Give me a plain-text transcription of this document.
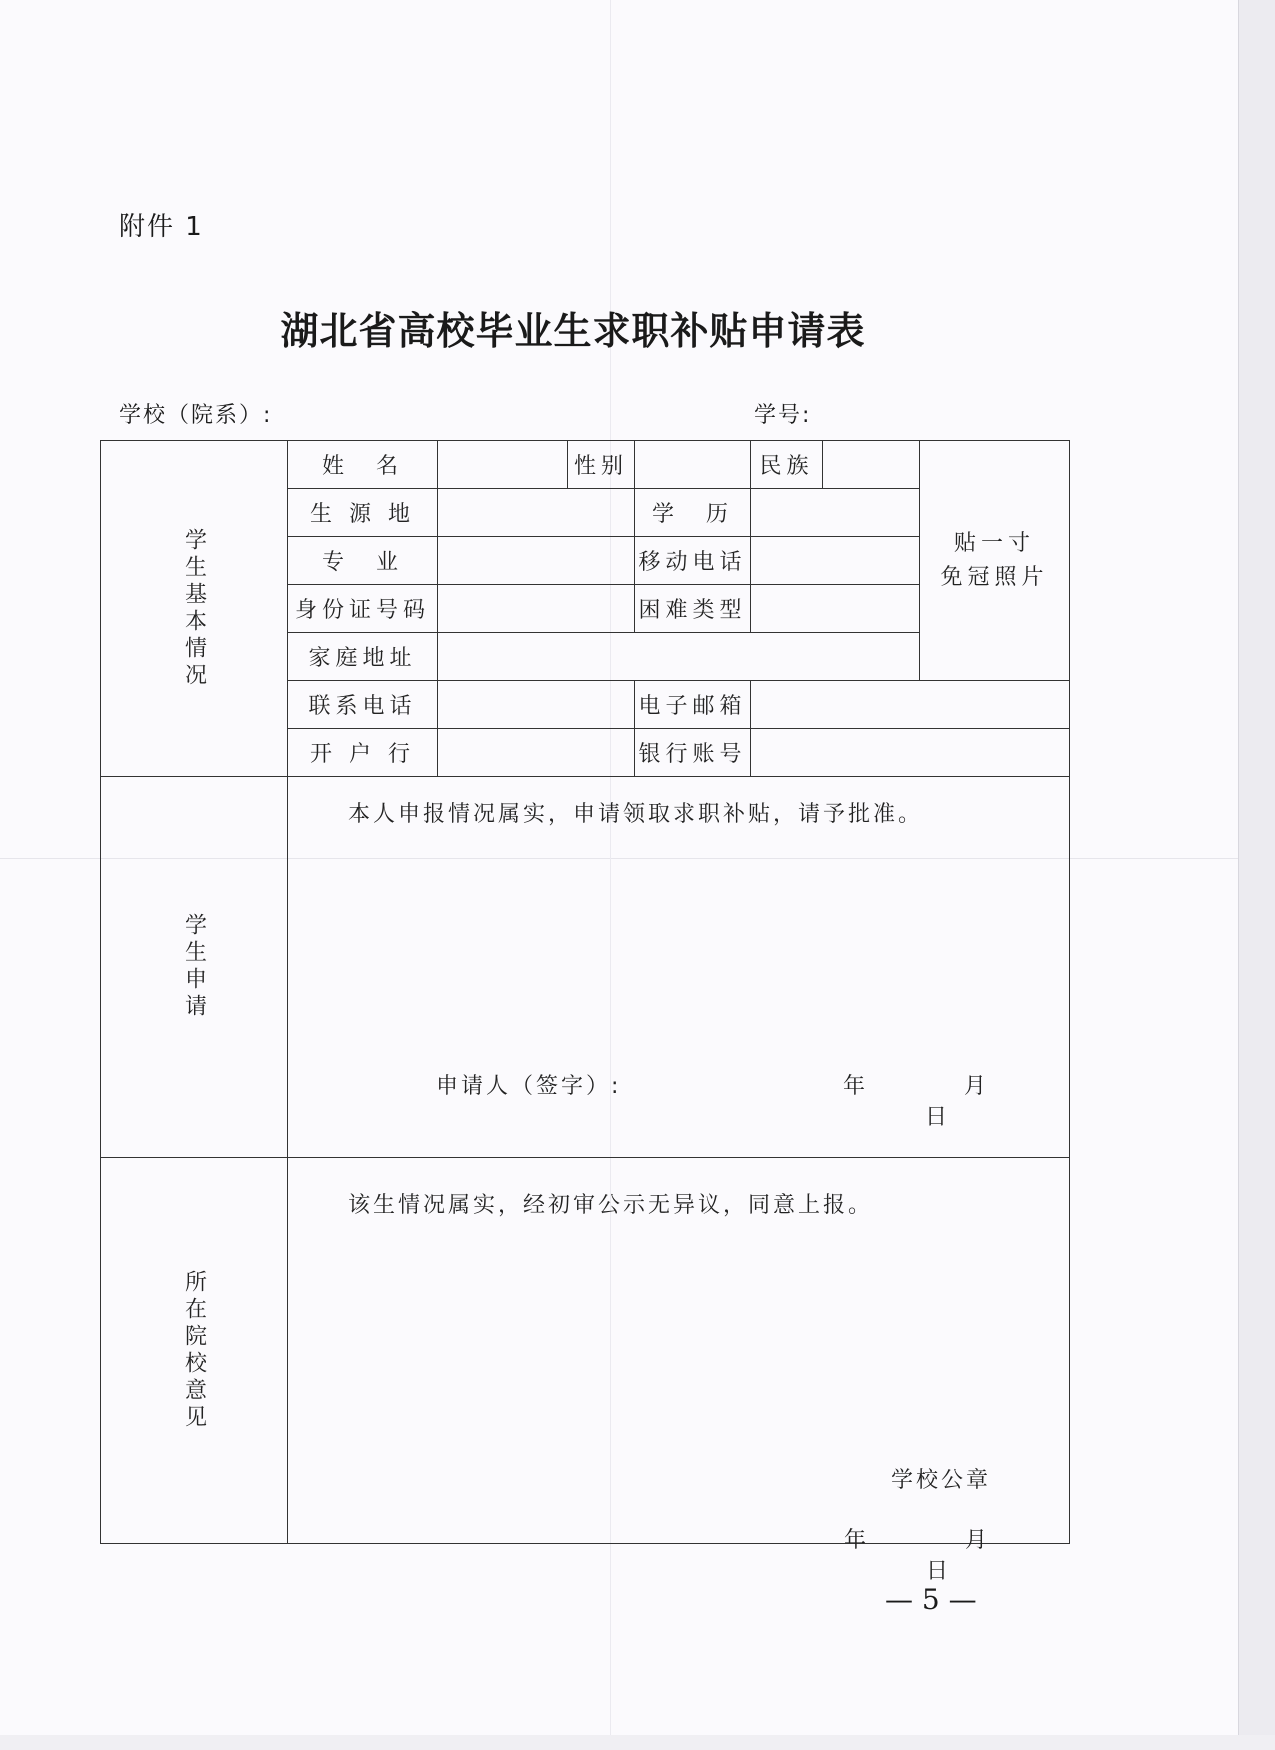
附件 1
湖北省高校毕业生求职补贴申请表
学校（院系）:	学号:
学生基本情况	姓　名		性别		民族		贴一寸
免冠照片

	生 源 地			学　历			
	专　业			移动电话			
	身份证号码			困难类型			
	家庭地址						
	联系电话			电子邮箱			
	开 户 行			银行账号			
学生申请	本人申报情况属实，申请领取求职补贴，请予批准。
申请人（签字）: 年 月  日						

所在院校意见	该生情况属实，经初审公示无异议，同意上报。
学校公章
年 月  日						
— 5 —
